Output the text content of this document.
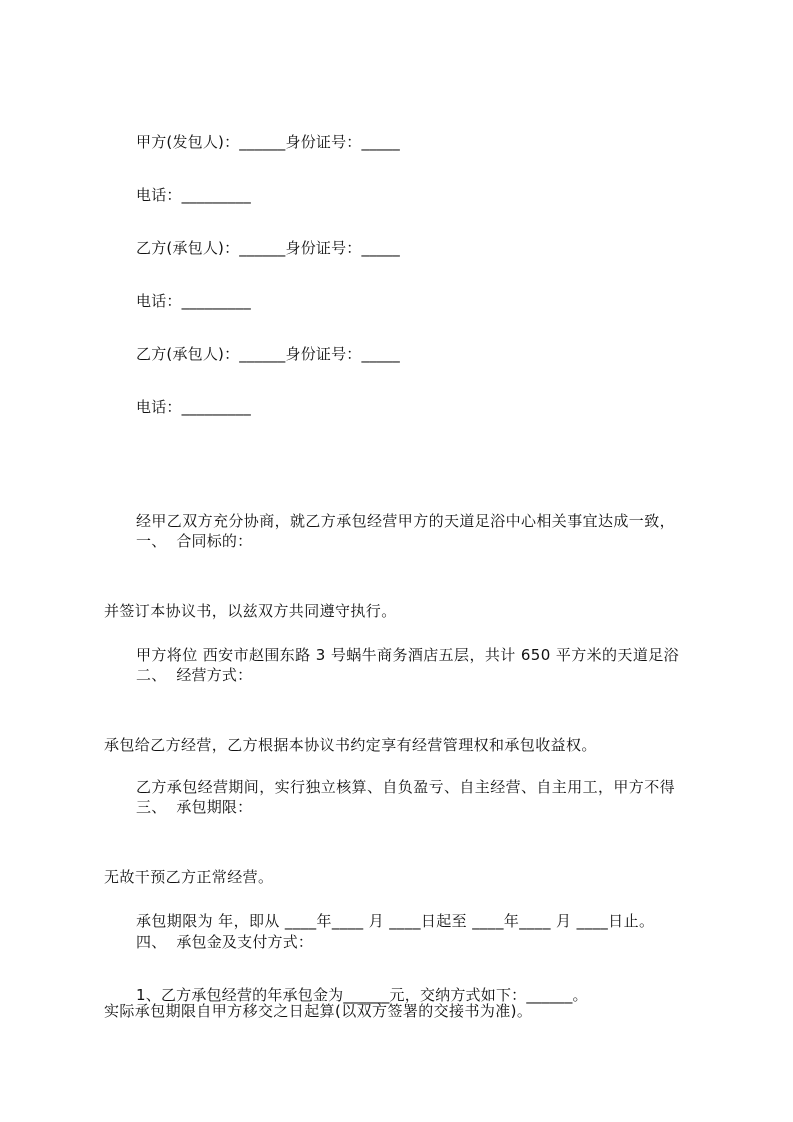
甲方(发包人)：______身份证号：_____
电话：_________
乙方(承包人)：______身份证号：_____
电话：_________
乙方(承包人)：______身份证号：_____
电话：_________

经甲乙双方充分协商，就乙方承包经营甲方的天道足浴中心相关事宜达成一致，

并签订本协议书，以兹双方共同遵守执行。

一、  合同标的：

甲方将位 西安市赵围东路 3 号蜗牛商务酒店五层，共计 650 平方米的天道足浴

承包给乙方经营，乙方根据本协议书约定享有经营管理权和承包收益权。

二、  经营方式：

乙方承包经营期间，实行独立核算、自负盈亏、自主经营、自主用工，甲方不得

无故干预乙方正常经营。

三、  承包期限：

承包期限为 年，即从 ____年____ 月 ____日起至 ____年____ 月 ____日止。

实际承包期限自甲方移交之日起算(以双方签署的交接书为准)。

四、  承包金及支付方式：
1、乙方承包经营的年承包金为______元，交纳方式如下：______。
